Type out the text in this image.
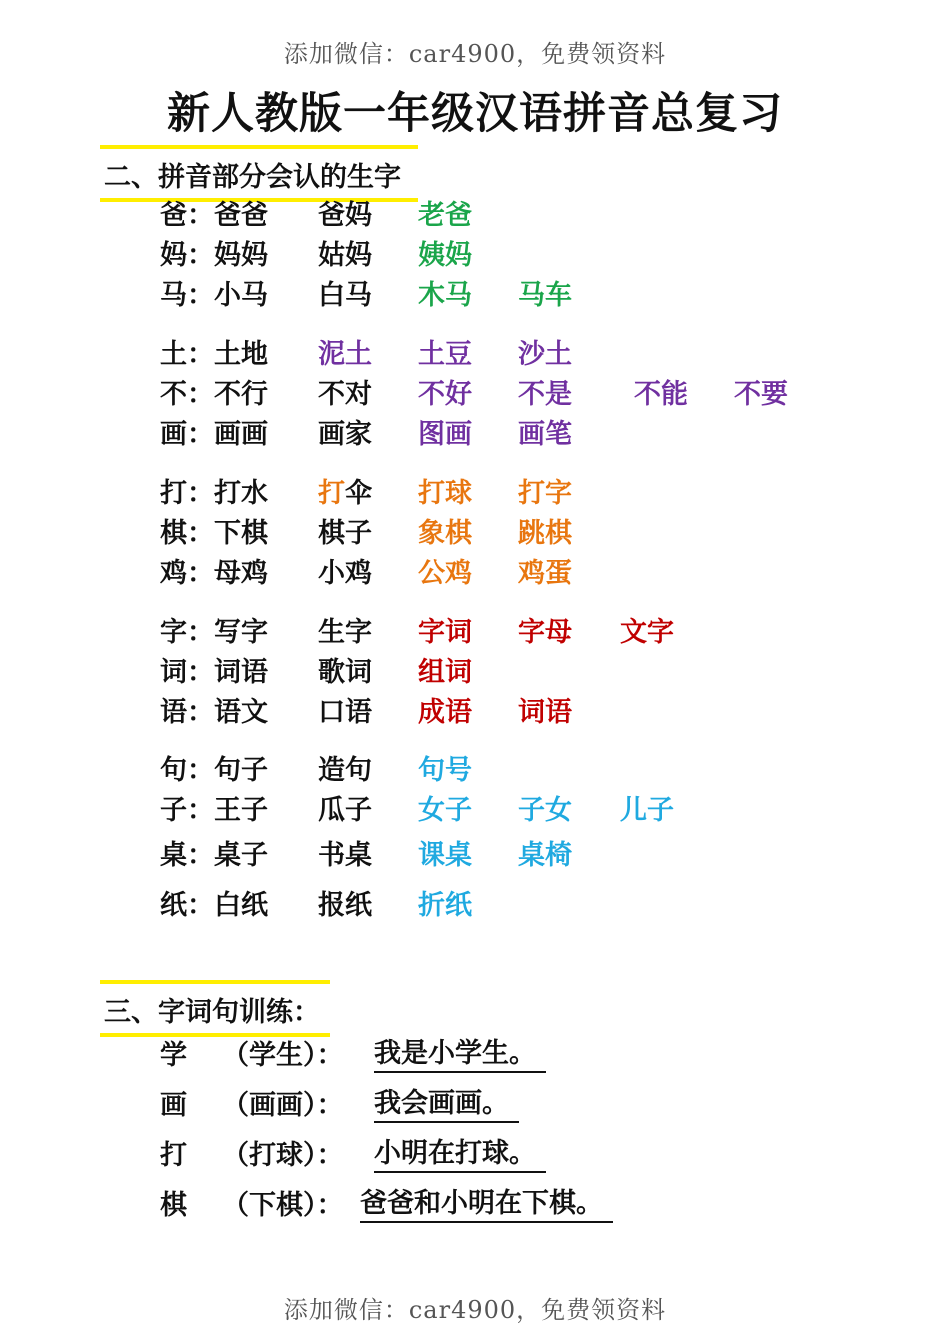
添加微信：car4900，免费领资料
新人教版一年级汉语拼音总复习
二、拼音部分会认的生字
爸：爸爸 爸妈 老爸
妈：妈妈 姑妈 姨妈
马：小马 白马 木马 马车
土：土地 泥土 土豆 沙土
不：不行 不对 不好 不是 不能 不要
画：画画 画家 图画 画笔
打：打水 打伞 打球 打字
棋：下棋 棋子 象棋 跳棋
鸡：母鸡 小鸡 公鸡 鸡蛋
字：写字 生字 字词 字母 文字
词：词语 歌词 组词
语：语文 口语 成语 词语
句：句子 造句 句号
子：王子 瓜子 女子 子女 儿子
桌：桌子 书桌 课桌 桌椅
纸：白纸 报纸 折纸
三、字词句训练：
学 （学生）： 我是小学生。
画 （画画）： 我会画画。
打 （打球）： 小明在打球。
棋 （下棋）： 爸爸和小明在下棋。
添加微信：car4900，免费领资料
